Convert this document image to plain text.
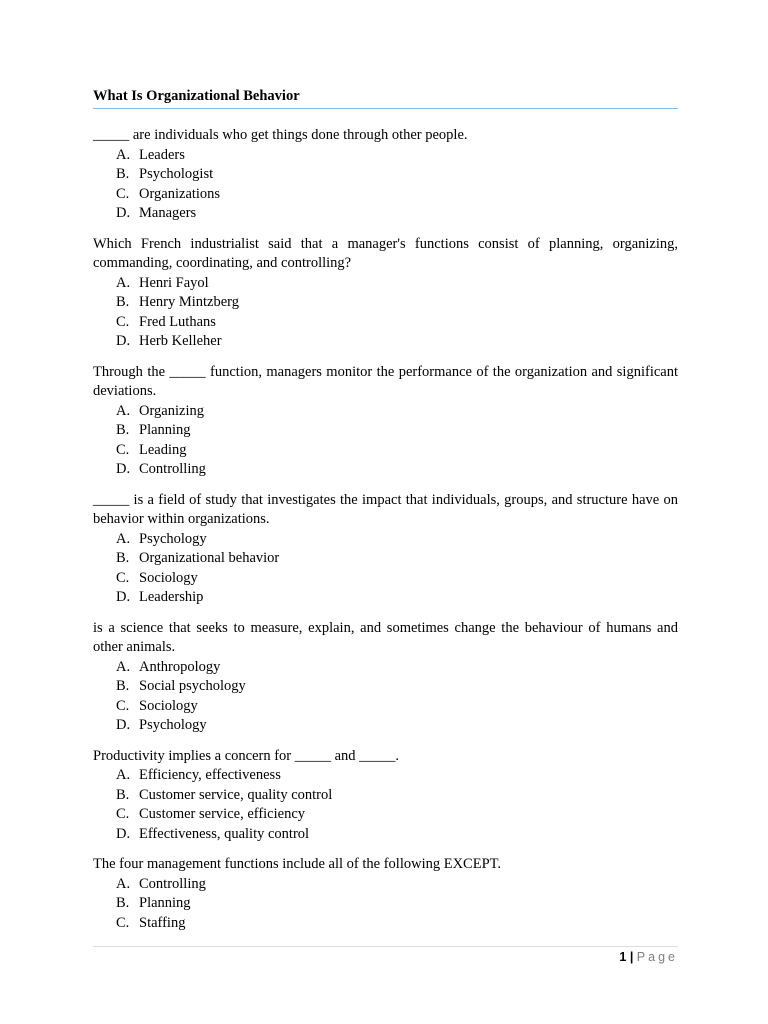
What Is Organizational Behavior

_____ are individuals who get things done through other people.

A. Leaders
B. Psychologist
C. Organizations
D. Managers

Which French industrialist said that a manager's functions consist of planning, organizing, commanding, coordinating, and controlling?

A. Henri Fayol
B. Henry Mintzberg
C. Fred Luthans
D. Herb Kelleher

Through the _____ function, managers monitor the performance of the organization and significant deviations.

A. Organizing
B. Planning
C. Leading
D. Controlling

_____ is a field of study that investigates the impact that individuals, groups, and structure have on behavior within organizations.

A. Psychology
B. Organizational behavior
C. Sociology
D. Leadership

is a science that seeks to measure, explain, and sometimes change the behaviour of humans and other animals.

A. Anthropology
B. Social psychology
C. Sociology
D. Psychology

Productivity implies a concern for _____ and _____.

A. Efficiency, effectiveness
B. Customer service, quality control
C. Customer service, efficiency
D. Effectiveness, quality control

The four management functions include all of the following EXCEPT.

A. Controlling
B. Planning
C. Staffing
1 | Page
